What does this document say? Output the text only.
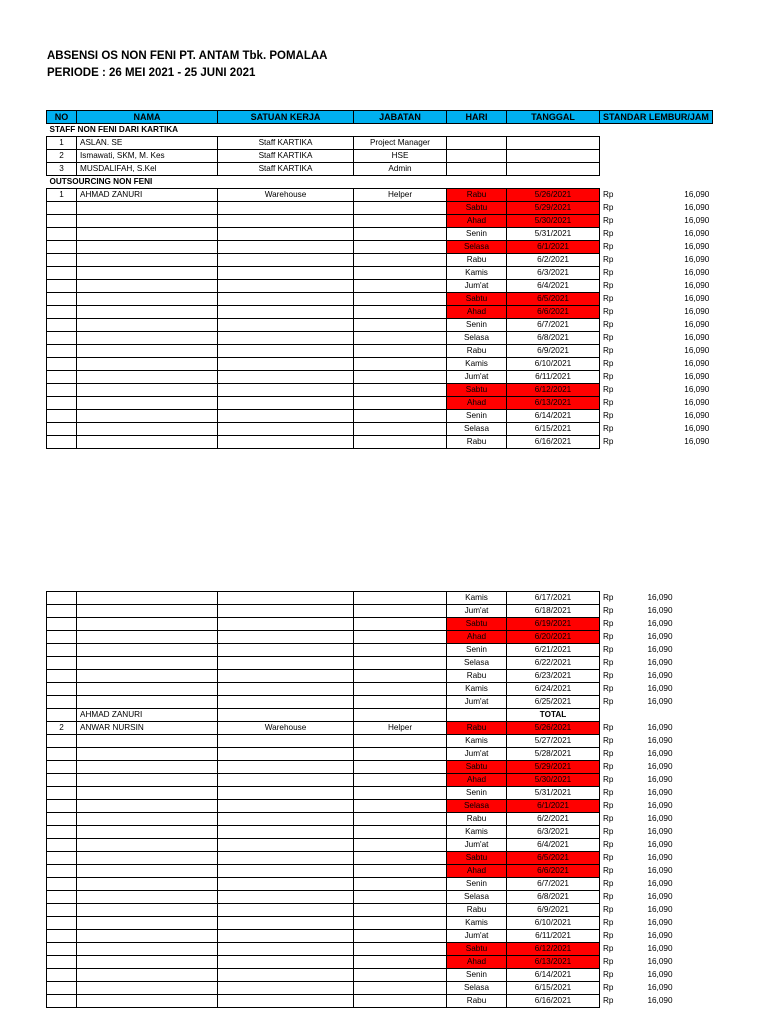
ABSENSI OS NON FENI PT. ANTAM Tbk. POMALAA
PERIODE : 26 MEI 2021 - 25 JUNI 2021
NO	NAMA	SATUAN KERJA	JABATAN	HARI	TANGGAL	STANDAR LEMBUR/JAM	
STAFF NON FENI DARI KARTIKA							
1	ASLAN. SE	Staff KARTIKA	Project Manager				
2	Ismawati, SKM, M. Kes	Staff KARTIKA	HSE				
3	MUSDALIFAH, S.Kel	Staff KARTIKA	Admin				
OUTSOURCING NON FENI							
1	AHMAD ZANURI	Warehouse	Helper	Rabu	5/26/2021	Rp	16,090
				Sabtu	5/29/2021	Rp	16,090
				Ahad	5/30/2021	Rp	16,090
				Senin	5/31/2021	Rp	16,090
				Selasa	6/1/2021	Rp	16,090
				Rabu	6/2/2021	Rp	16,090
				Kamis	6/3/2021	Rp	16,090
				Jum'at	6/4/2021	Rp	16,090
				Sabtu	6/5/2021	Rp	16,090
				Ahad	6/6/2021	Rp	16,090
				Senin	6/7/2021	Rp	16,090
				Selasa	6/8/2021	Rp	16,090
				Rabu	6/9/2021	Rp	16,090
				Kamis	6/10/2021	Rp	16,090
				Jum'at	6/11/2021	Rp	16,090
				Sabtu	6/12/2021	Rp	16,090
				Ahad	6/13/2021	Rp	16,090
				Senin	6/14/2021	Rp	16,090
				Selasa	6/15/2021	Rp	16,090
				Rabu	6/16/2021	Rp	16,090
				Kamis	6/17/2021	Rp	16,090
				Jum'at	6/18/2021	Rp	16,090
				Sabtu	6/19/2021	Rp	16,090
				Ahad	6/20/2021	Rp	16,090
				Senin	6/21/2021	Rp	16,090
				Selasa	6/22/2021	Rp	16,090
				Rabu	6/23/2021	Rp	16,090
				Kamis	6/24/2021	Rp	16,090
				Jum'at	6/25/2021	Rp	16,090
	AHMAD ZANURI				TOTAL		
2	ANWAR NURSIN	Warehouse	Helper	Rabu	5/26/2021	Rp	16,090
				Kamis	5/27/2021	Rp	16,090
				Jum'at	5/28/2021	Rp	16,090
				Sabtu	5/29/2021	Rp	16,090
				Ahad	5/30/2021	Rp	16,090
				Senin	5/31/2021	Rp	16,090
				Selasa	6/1/2021	Rp	16,090
				Rabu	6/2/2021	Rp	16,090
				Kamis	6/3/2021	Rp	16,090
				Jum'at	6/4/2021	Rp	16,090
				Sabtu	6/5/2021	Rp	16,090
				Ahad	6/6/2021	Rp	16,090
				Senin	6/7/2021	Rp	16,090
				Selasa	6/8/2021	Rp	16,090
				Rabu	6/9/2021	Rp	16,090
				Kamis	6/10/2021	Rp	16,090
				Jum'at	6/11/2021	Rp	16,090
				Sabtu	6/12/2021	Rp	16,090
				Ahad	6/13/2021	Rp	16,090
				Senin	6/14/2021	Rp	16,090
				Selasa	6/15/2021	Rp	16,090
				Rabu	6/16/2021	Rp	16,090
